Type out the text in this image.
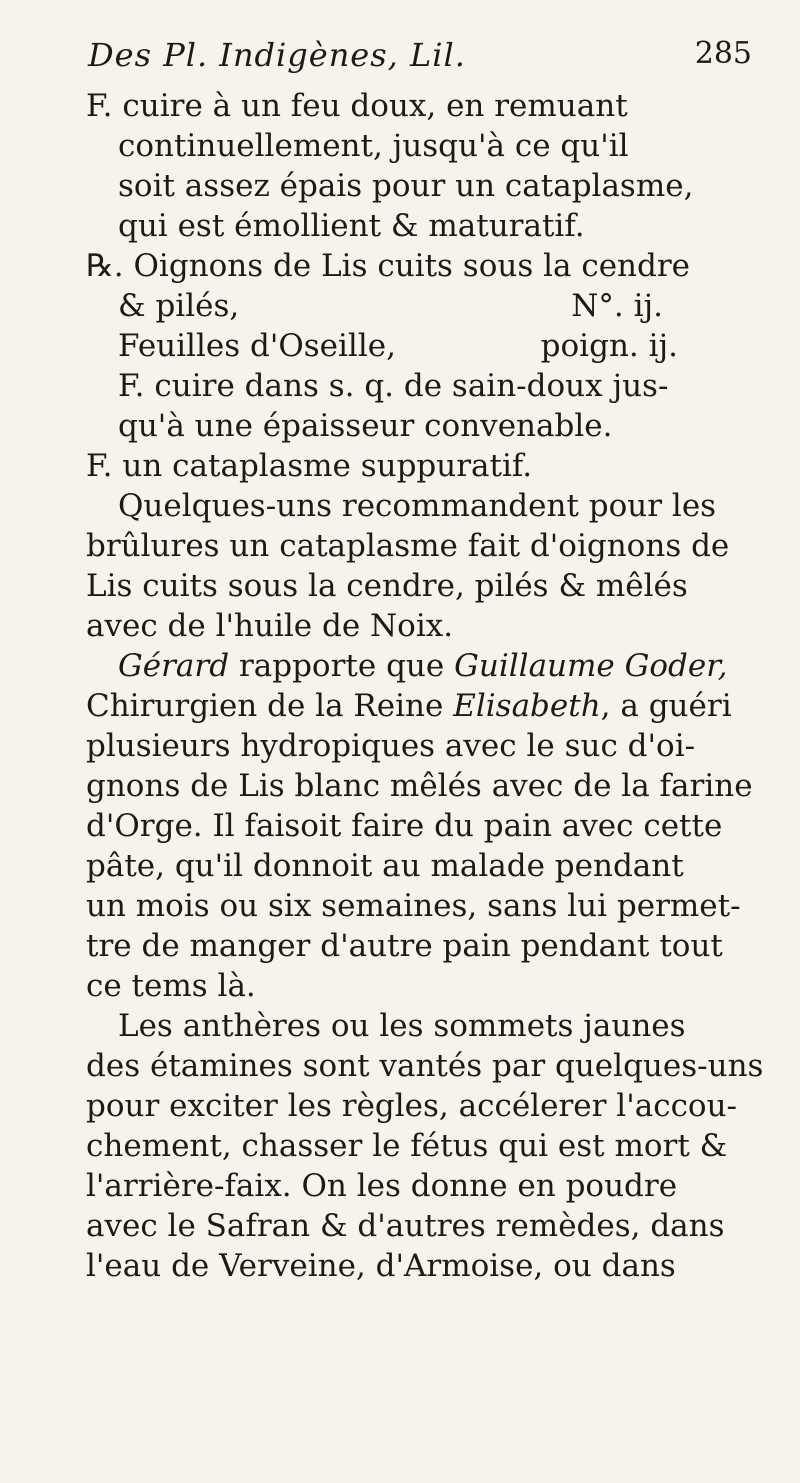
Des Pl. Indigènes, Lil.	285
F. cuire à un feu doux, en remuant
continuellement, jusqu'à ce qu'il
soit assez épais pour un cataplasme,
qui est émollient & maturatif.
℞. Oignons de Lis cuits sous la cendre
& pilés,	N°. ij.
Feuilles d'Oseille,	poign. ij.
F. cuire dans s. q. de sain-doux jus-
qu'à une épaisseur convenable.
F. un cataplasme suppuratif.
Quelques-uns recommandent pour les
brûlures un cataplasme fait d'oignons de
Lis cuits sous la cendre, pilés & mêlés
avec de l'huile de Noix.
Gérard rapporte que Guillaume Goder,
Chirurgien de la Reine Elisabeth, a guéri
plusieurs hydropiques avec le suc d'oi-
gnons de Lis blanc mêlés avec de la farine
d'Orge. Il faisoit faire du pain avec cette
pâte, qu'il donnoit au malade pendant
un mois ou six semaines, sans lui permet-
tre de manger d'autre pain pendant tout
ce tems là.
Les anthères ou les sommets jaunes
des étamines sont vantés par quelques-uns
pour exciter les règles, accélerer l'accou-
chement, chasser le fétus qui est mort &
l'arrière-faix. On les donne en poudre
avec le Safran & d'autres remèdes, dans
l'eau de Verveine, d'Armoise, ou dans
